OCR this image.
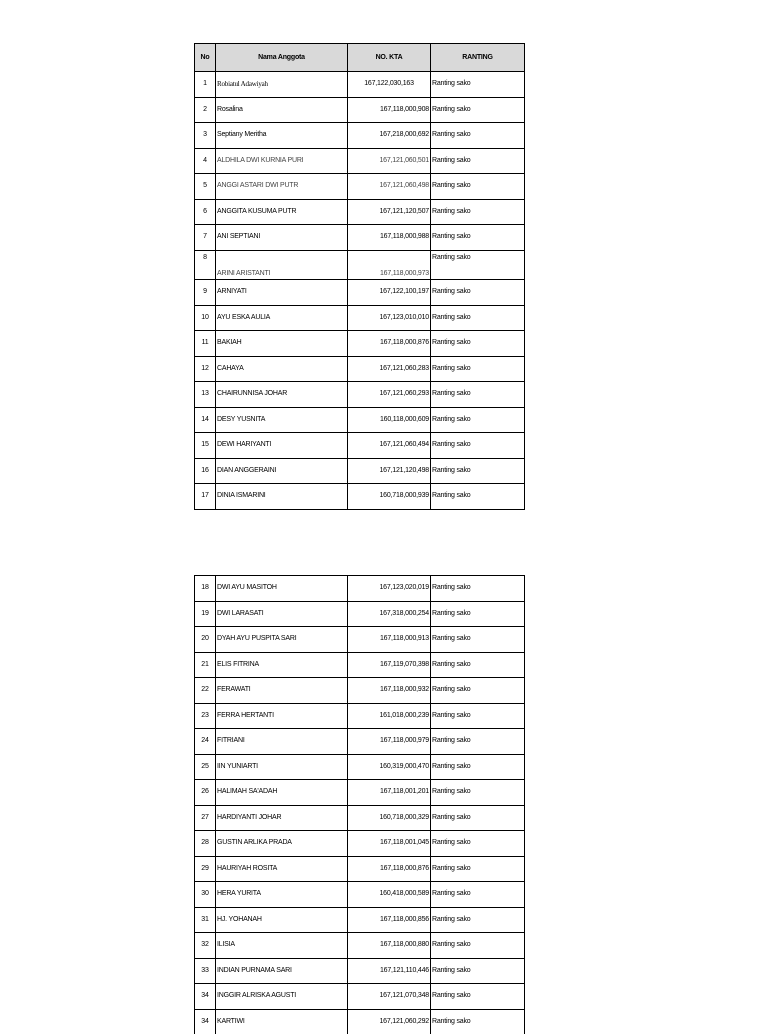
No	Nama Anggota	NO. KTA	RANTING
1	Robiatul Adawiyah	167,122,030,163	Ranting sako
2	Rosalina	167,118,000,908	Ranting sako
3	Septiany Meritha	167,218,000,692	Ranting sako
4	ALDHILA DWI KURNIA PURI	167,121,060,501	Ranting sako
5	ANGGI ASTARI DWI PUTR	167,121,060,498	Ranting sako
6	ANGGITA KUSUMA PUTR	167,121,120,507	Ranting sako
7	ANI SEPTIANI	167,118,000,988	Ranting sako
8	ARINI ARISTANTI	167,118,000,973	Ranting sako
9	ARNIYATI	167,122,100,197	Ranting sako
10	AYU ESKA AULIA	167,123,010,010	Ranting sako
11	BAKIAH	167,118,000,876	Ranting sako
12	CAHAYA	167,121,060,283	Ranting sako
13	CHAIRUNNISA JOHAR	167,121,060,293	Ranting sako
14	DESY YUSNITA	160,118,000,609	Ranting sako
15	DEWI HARIYANTI	167,121,060,494	Ranting sako
16	DIAN ANGGERAINI	167,121,120,498	Ranting sako
17	DINIA ISMARINI	160,718,000,939	Ranting sako
18	DWI AYU MASITOH	167,123,020,019	Ranting sako
19	DWI LARASATI	167,318,000,254	Ranting sako
20	DYAH AYU PUSPITA SARI	167,118,000,913	Ranting sako
21	ELIS FITRINA	167,119,070,398	Ranting sako
22	FERAWATI	167,118,000,932	Ranting sako
23	FERRA HERTANTI	161,018,000,239	Ranting sako
24	FITRIANI	167,118,000,979	Ranting sako
25	IIN YUNIARTI	160,319,000,470	Ranting sako
26	HALIMAH SA'ADAH	167,118,001,201	Ranting sako
27	HARDIYANTI JOHAR	160,718,000,329	Ranting sako
28	GUSTIN ARLIKA PRADA	167,118,001,045	Ranting sako
29	HAURIYAH ROSITA	167,118,000,876	Ranting sako
30	HERA YURITA	160,418,000,589	Ranting sako
31	HJ. YOHANAH	167,118,000,856	Ranting sako
32	ILISIA	167,118,000,880	Ranting sako
33	INDIAN PURNAMA SARI	167,121,110,446	Ranting sako
34	INGGIR ALRISKA AGUSTI	167,121,070,348	Ranting sako
34	KARTIWI	167,121,060,292	Ranting sako
